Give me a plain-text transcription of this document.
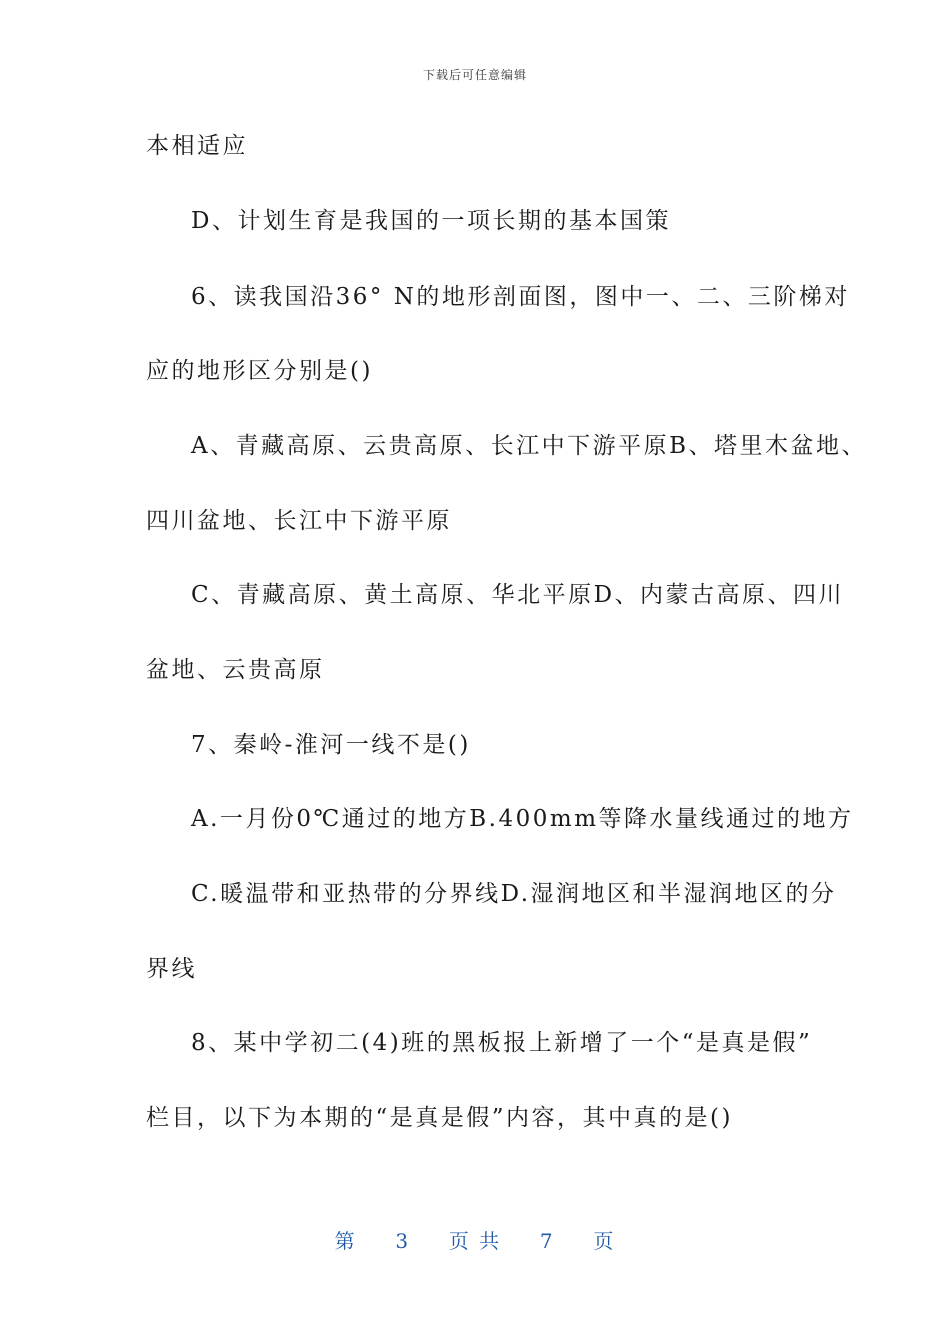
下载后可任意编辑
本相适应
D、计划生育是我国的一项长期的基本国策
6、读我国沿36° N的地形剖面图，图中一、二、三阶梯对
应的地形区分别是()
A、青藏高原、云贵高原、长江中下游平原B、塔里木盆地、
四川盆地、长江中下游平原
C、青藏高原、黄土高原、华北平原D、内蒙古高原、四川
盆地、云贵高原
7、秦岭-淮河一线不是()
A.一月份0℃通过的地方B.400mm等降水量线通过的地方
C.暖温带和亚热带的分界线D.湿润地区和半湿润地区的分
界线
8、某中学初二(4)班的黑板报上新增了一个“是真是假”
栏目，以下为本期的“是真是假”内容，其中真的是()
第 3 页 共 7 页
